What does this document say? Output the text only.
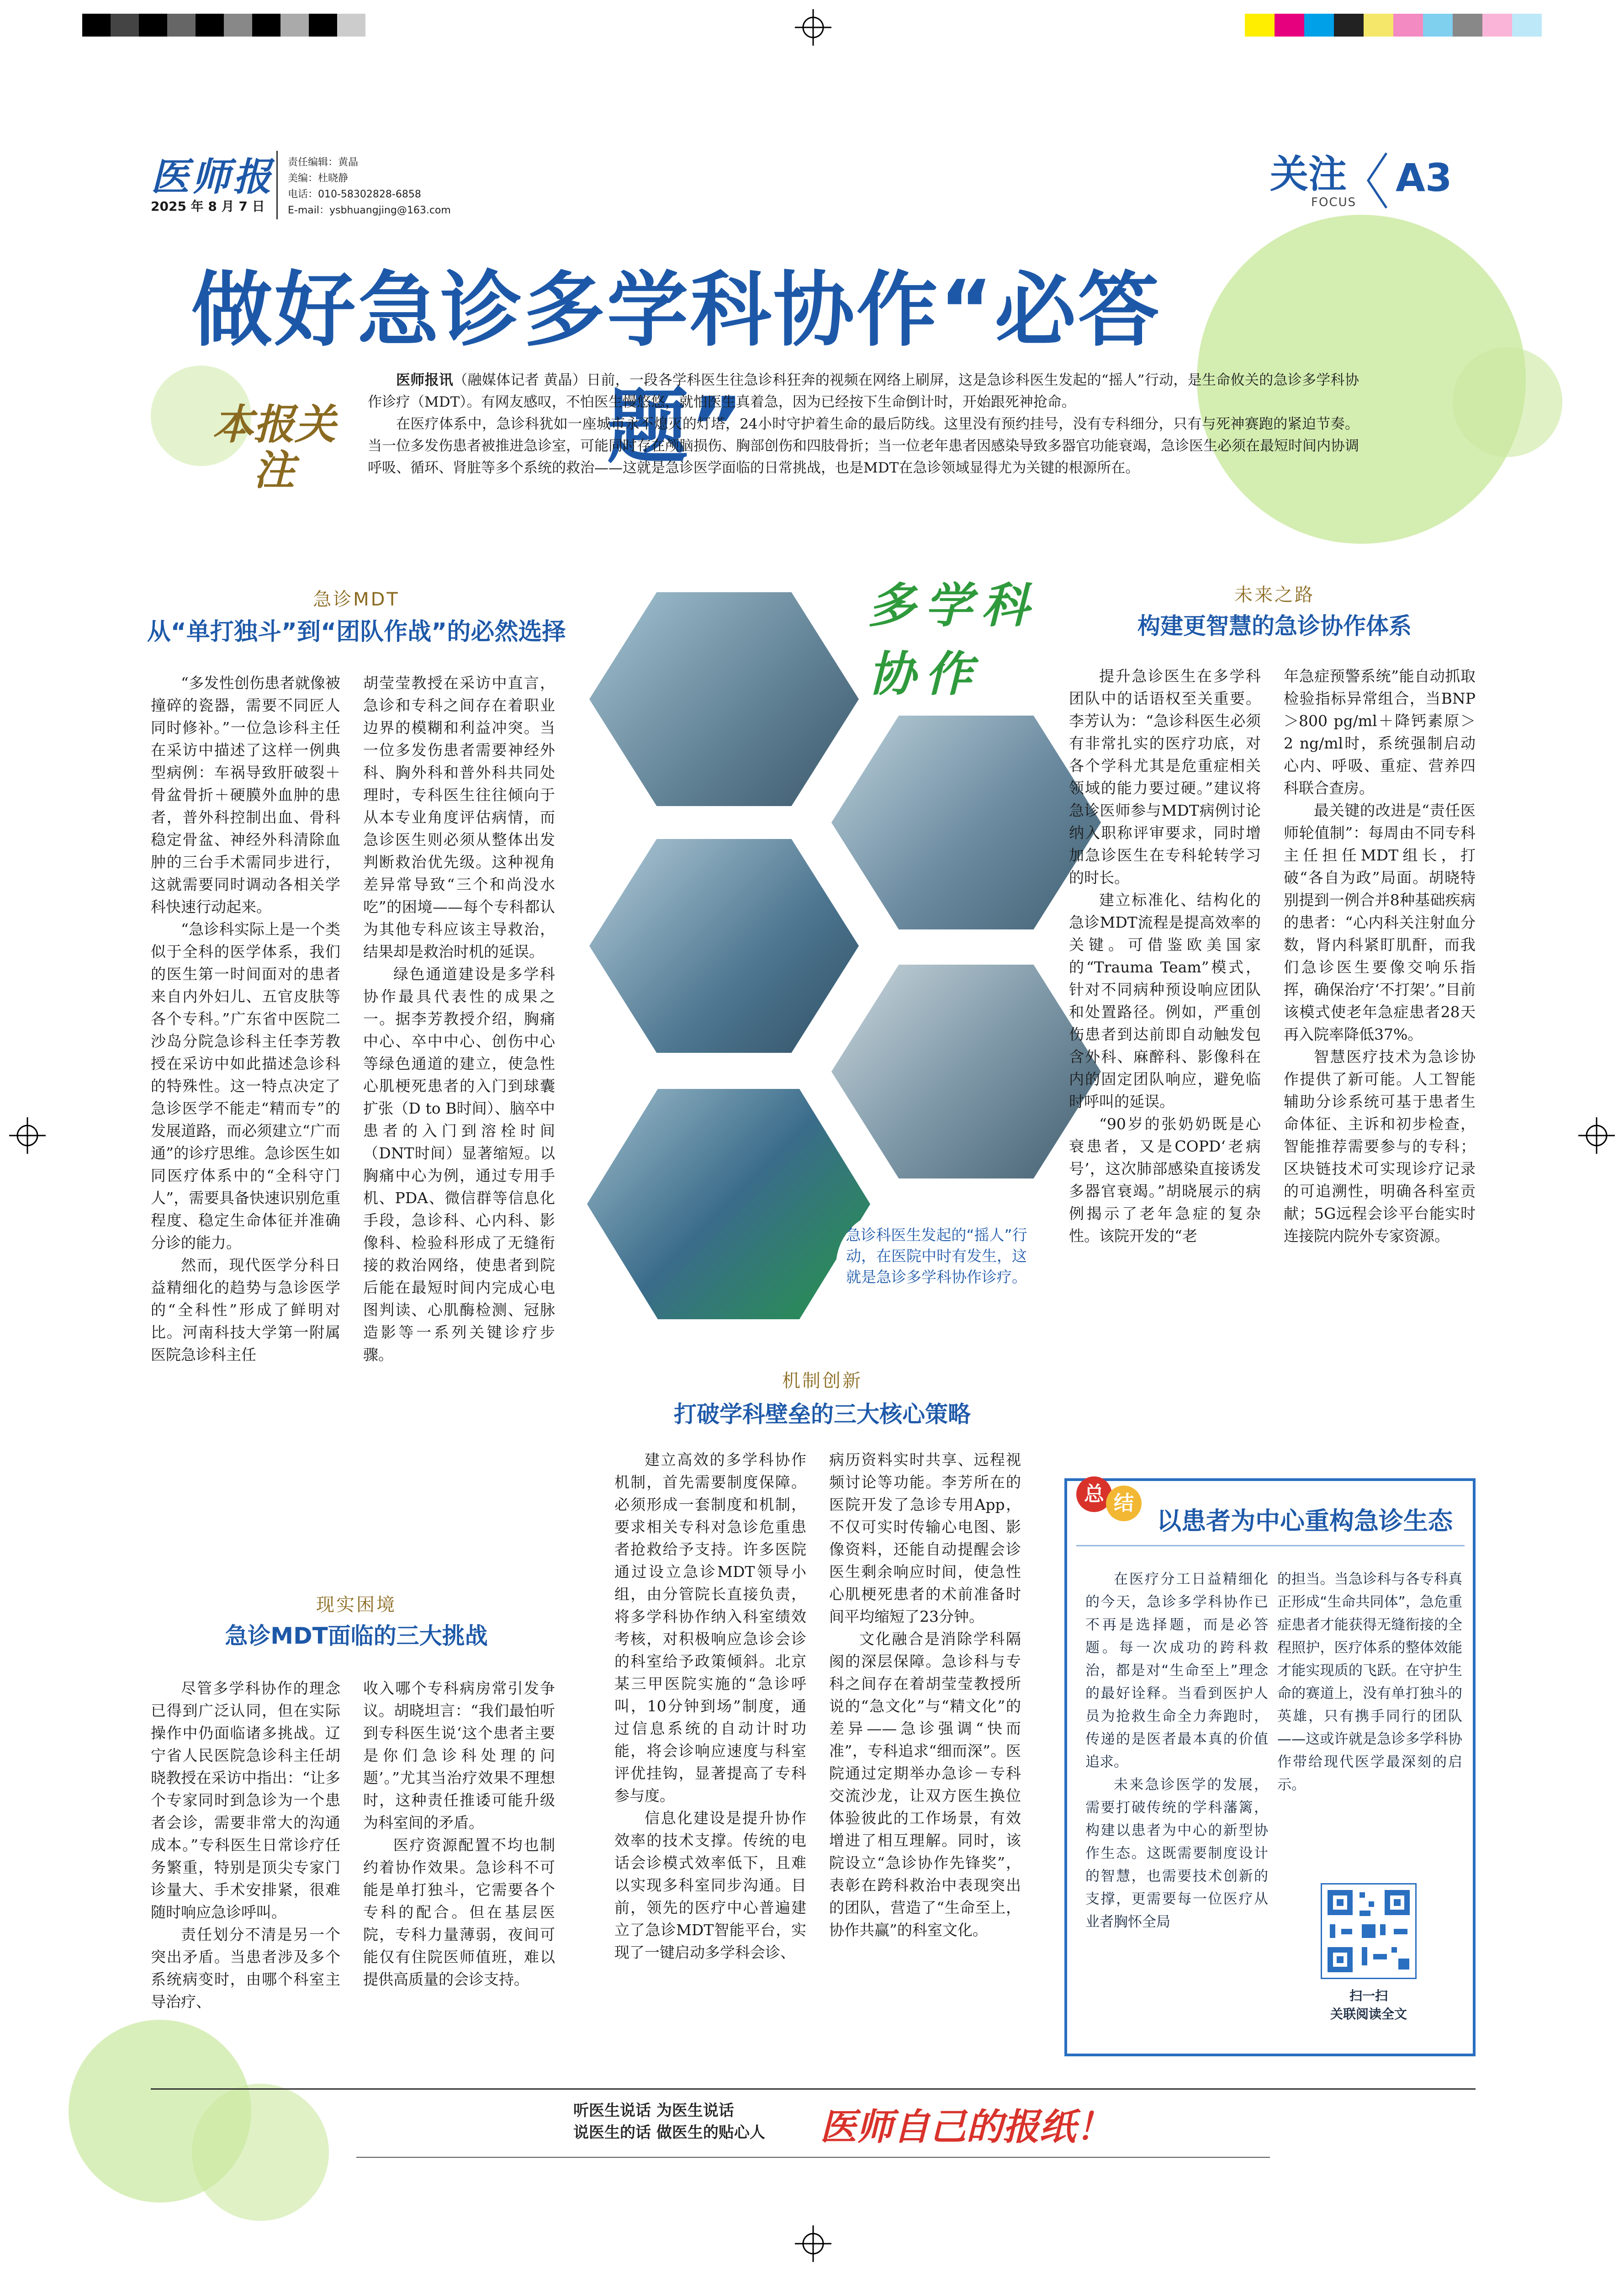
医师报
2025 年 8 月 7 日
责任编辑：黄晶
美编：杜晓静
电话：010-58302828-6858
E-mail：ysbhuangjing@163.com
关注
FOCUS
A3
做好急诊多学科协作“必答题”
本报关注

医师报讯（融媒体记者 黄晶）日前，一段各学科医生往急诊科狂奔的视频在网络上刷屏，这是急诊科医生发起的“摇人”行动，是生命攸关的急诊多学科协作诊疗（MDT）。有网友感叹，不怕医生慢悠悠，就怕医生真着急，因为已经按下生命倒计时，开始跟死神抢命。

在医疗体系中，急诊科犹如一座城市永不熄灭的灯塔，24小时守护着生命的最后防线。这里没有预约挂号，没有专科细分，只有与死神赛跑的紧迫节奏。当一位多发伤患者被推进急诊室，可能同时存在颅脑损伤、胸部创伤和四肢骨折；当一位老年患者因感染导致多器官功能衰竭，急诊医生必须在最短时间内协调呼吸、循环、肾脏等多个系统的救治——这就是急诊医学面临的日常挑战，也是MDT在急诊领域显得尤为关键的根源所在。

急诊MDT
从“单打独斗”到“团队作战”的必然选择

“多发性创伤患者就像被撞碎的瓷器，需要不同匠人同时修补。”一位急诊科主任在采访中描述了这样一例典型病例：车祸导致肝破裂＋骨盆骨折＋硬膜外血肿的患者，普外科控制出血、骨科稳定骨盆、神经外科清除血肿的三台手术需同步进行，这就需要同时调动各相关学科快速行动起来。

“急诊科实际上是一个类似于全科的医学体系，我们的医生第一时间面对的患者来自内外妇儿、五官皮肤等各个专科。”广东省中医院二沙岛分院急诊科主任李芳教授在采访中如此描述急诊科的特殊性。这一特点决定了急诊医学不能走“精而专”的发展道路，而必须建立“广而通”的诊疗思维。急诊医生如同医疗体系中的“全科守门人”，需要具备快速识别危重程度、稳定生命体征并准确分诊的能力。

然而，现代医学分科日益精细化的趋势与急诊医学的“全科性”形成了鲜明对比。河南科技大学第一附属医院急诊科主任

胡莹莹教授在采访中直言，急诊和专科之间存在着职业边界的模糊和利益冲突。当一位多发伤患者需要神经外科、胸外科和普外科共同处理时，专科医生往往倾向于从本专业角度评估病情，而急诊医生则必须从整体出发判断救治优先级。这种视角差异常导致“三个和尚没水吃”的困境——每个专科都认为其他专科应该主导救治，结果却是救治时机的延误。

绿色通道建设是多学科协作最具代表性的成果之一。据李芳教授介绍，胸痛中心、卒中中心、创伤中心等绿色通道的建立，使急性心肌梗死患者的入门到球囊扩张（D to B时间）、脑卒中患者的入门到溶栓时间（DNT时间）显著缩短。以胸痛中心为例，通过专用手机、PDA、微信群等信息化手段，急诊科、心内科、影像科、检验科形成了无缝衔接的救治网络，使患者到院后能在最短时间内完成心电图判读、心肌酶检测、冠脉造影等一系列关键诊疗步骤。

现实困境
急诊MDT面临的三大挑战

尽管多学科协作的理念已得到广泛认同，但在实际操作中仍面临诸多挑战。辽宁省人民医院急诊科主任胡晓教授在采访中指出：“让多个专家同时到急诊为一个患者会诊，需要非常大的沟通成本。”专科医生日常诊疗任务繁重，特别是顶尖专家门诊量大、手术安排紧，很难随时响应急诊呼叫。

责任划分不清是另一个突出矛盾。当患者涉及多个系统病变时，由哪个科室主导治疗、

收入哪个专科病房常引发争议。胡晓坦言：“我们最怕听到专科医生说‘这个患者主要是你们急诊科处理的问题’。”尤其当治疗效果不理想时，这种责任推诿可能升级为科室间的矛盾。

医疗资源配置不均也制约着协作效果。急诊科不可能是单打独斗，它需要各个专科的配合。但在基层医院，专科力量薄弱，夜间可能仅有住院医师值班，难以提供高质量的会诊支持。

多学科协作
急诊科医生发起的“摇人”行动，在医院中时有发生，这就是急诊多学科协作诊疗。
机制创新
打破学科壁垒的三大核心策略

建立高效的多学科协作机制，首先需要制度保障。必须形成一套制度和机制，要求相关专科对急诊危重患者抢救给予支持。许多医院通过设立急诊MDT领导小组，由分管院长直接负责，将多学科协作纳入科室绩效考核，对积极响应急诊会诊的科室给予政策倾斜。北京某三甲医院实施的“急诊呼叫，10分钟到场”制度，通过信息系统的自动计时功能，将会诊响应速度与科室评优挂钩，显著提高了专科参与度。

信息化建设是提升协作效率的技术支撑。传统的电话会诊模式效率低下，且难以实现多科室同步沟通。目前，领先的医疗中心普遍建立了急诊MDT智能平台，实现了一键启动多学科会诊、

病历资料实时共享、远程视频讨论等功能。李芳所在的医院开发了急诊专用App，不仅可实时传输心电图、影像资料，还能自动提醒会诊医生剩余响应时间，使急性心肌梗死患者的术前准备时间平均缩短了23分钟。

文化融合是消除学科隔阂的深层保障。急诊科与专科之间存在着胡莹莹教授所说的“急文化”与“精文化”的差异——急诊强调“快而准”，专科追求“细而深”。医院通过定期举办急诊－专科交流沙龙，让双方医生换位体验彼此的工作场景，有效增进了相互理解。同时，该院设立“急诊协作先锋奖”，表彰在跨科救治中表现突出的团队，营造了“生命至上，协作共赢”的科室文化。

未来之路
构建更智慧的急诊协作体系

提升急诊医生在多学科团队中的话语权至关重要。李芳认为：“急诊科医生必须有非常扎实的医疗功底，对各个学科尤其是危重症相关领域的能力要过硬。”建议将急诊医师参与MDT病例讨论纳入职称评审要求，同时增加急诊医生在专科轮转学习的时长。

建立标准化、结构化的急诊MDT流程是提高效率的关键。可借鉴欧美国家的“Trauma Team”模式，针对不同病种预设响应团队和处置路径。例如，严重创伤患者到达前即自动触发包含外科、麻醉科、影像科在内的固定团队响应，避免临时呼叫的延误。

“90岁的张奶奶既是心衰患者，又是COPD‘老病号’，这次肺部感染直接诱发多器官衰竭。”胡晓展示的病例揭示了老年急症的复杂性。该院开发的“老

年急症预警系统”能自动抓取检验指标异常组合，当BNP＞800 pg/ml＋降钙素原＞2 ng/ml时，系统强制启动心内、呼吸、重症、营养四科联合查房。

最关键的改进是“责任医师轮值制”：每周由不同专科主任担任MDT组长，打破“各自为政”局面。胡晓特别提到一例合并8种基础疾病的患者：“心内科关注射血分数，肾内科紧盯肌酐，而我们急诊医生要像交响乐指挥，确保治疗‘不打架’。”目前该模式使老年急症患者28天再入院率降低37%。

智慧医疗技术为急诊协作提供了新可能。人工智能辅助分诊系统可基于患者生命体征、主诉和初步检查，智能推荐需要参与的专科；区块链技术可实现诊疗记录的可追溯性，明确各科室贡献；5G远程会诊平台能实时连接院内院外专家资源。

总 结
以患者为中心重构急诊生态

在医疗分工日益精细化的今天，急诊多学科协作已不再是选择题，而是必答题。每一次成功的跨科救治，都是对“生命至上”理念的最好诠释。当看到医护人员为抢救生命全力奔跑时，传递的是医者最本真的价值追求。

未来急诊医学的发展，需要打破传统的学科藩篱，构建以患者为中心的新型协作生态。这既需要制度设计的智慧，也需要技术创新的支撑，更需要每一位医疗从业者胸怀全局

的担当。当急诊科与各专科真正形成“生命共同体”，急危重症患者才能获得无缝衔接的全程照护，医疗体系的整体效能才能实现质的飞跃。在守护生命的赛道上，没有单打独斗的英雄，只有携手同行的团队——这或许就是急诊多学科协作带给现代医学最深刻的启示。

扫一扫
关联阅读全文
听医生说话 为医生说话
说医生的话 做医生的贴心人 医师自己的报纸！
